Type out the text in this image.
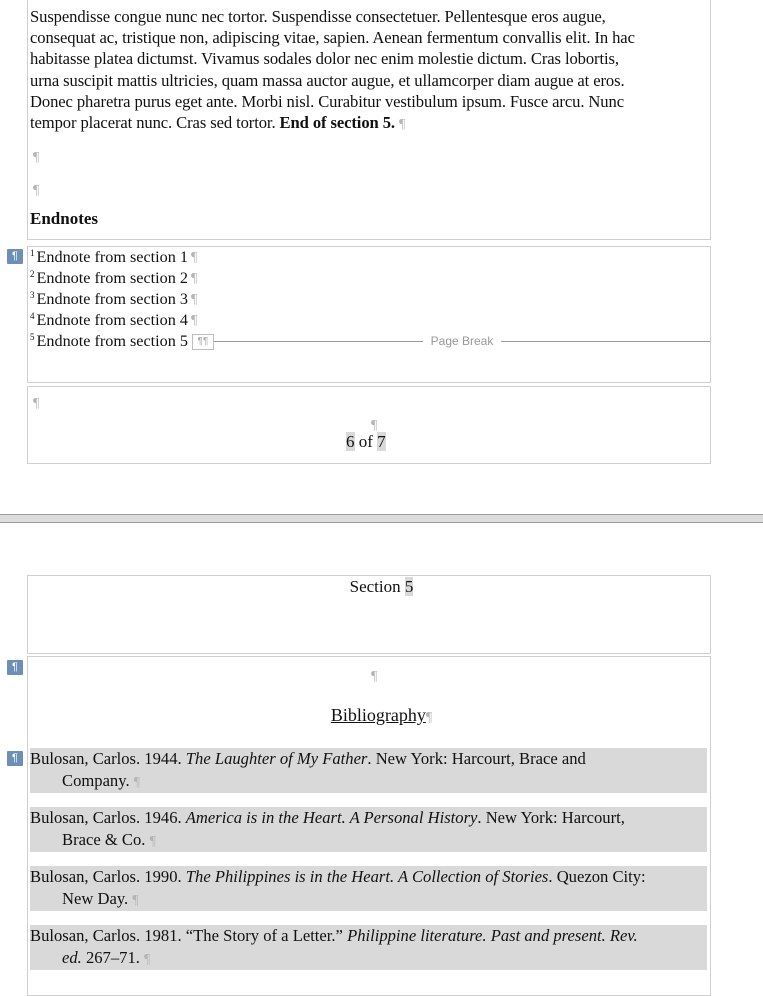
Suspendisse congue nunc nec tortor. Suspendisse consectetuer. Pellentesque eros augue,
consequat ac, tristique non, adipiscing vitae, sapien. Aenean fermentum convallis elit. In hac
habitasse platea dictumst. Vivamus sodales dolor nec enim molestie dictum. Cras lobortis,
urna suscipit mattis ultricies, quam massa auctor augue, et ullamcorper diam augue at eros.
Donec pharetra purus eget ante. Morbi nisl. Curabitur vestibulum ipsum. Fusce arcu. Nunc
tempor placerat nunc. Cras sed tortor. End of section 5. ¶
¶
¶
Endnotes
¶	1 Endnote from section 1 ¶
2 Endnote from section 2 ¶
3 Endnote from section 3 ¶
4 Endnote from section 4 ¶
5 Endnote from section 5 ¶¶	Page Break
¶
¶
6 of 7
Section 5
¶
¶
Bibliography¶
¶ Bulosan, Carlos. 1944. The Laughter of My Father. New York: Harcourt, Brace and
Company. ¶
Bulosan, Carlos. 1946. America is in the Heart. A Personal History. New York: Harcourt,
Brace & Co. ¶
Bulosan, Carlos. 1990. The Philippines is in the Heart. A Collection of Stories. Quezon City:
New Day. ¶
Bulosan, Carlos. 1981. “The Story of a Letter.” Philippine literature. Past and present. Rev.
ed. 267–71. ¶
